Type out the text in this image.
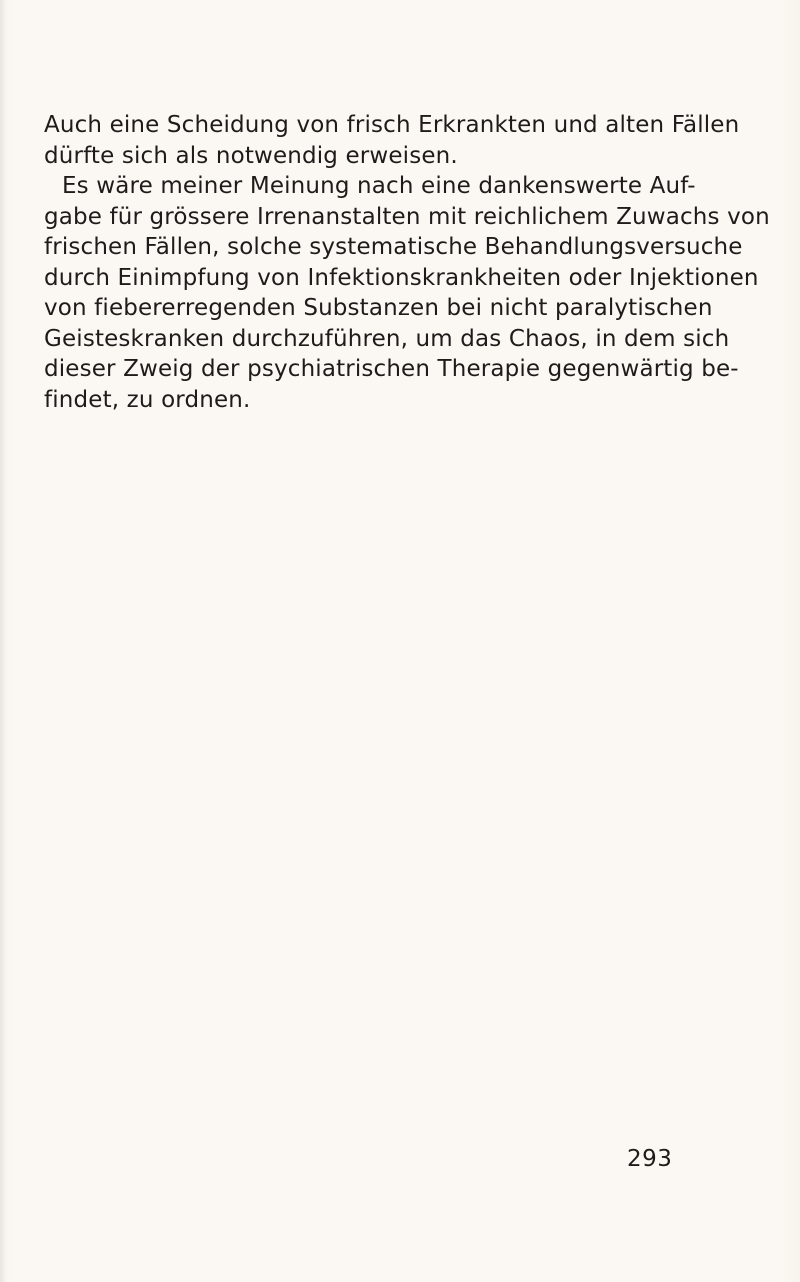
Auch eine Scheidung von frisch Erkrankten und alten Fällen
dürfte sich als notwendig erweisen.
Es wäre meiner Meinung nach eine dankenswerte Auf-
gabe für grössere Irrenanstalten mit reichlichem Zuwachs von
frischen Fällen, solche systematische Behandlungsversuche
durch Einimpfung von Infektionskrankheiten oder Injektionen
von fiebererregenden Substanzen bei nicht paralytischen
Geisteskranken durchzuführen, um das Chaos, in dem sich
dieser Zweig der psychiatrischen Therapie gegenwärtig be-
findet, zu ordnen.
293
